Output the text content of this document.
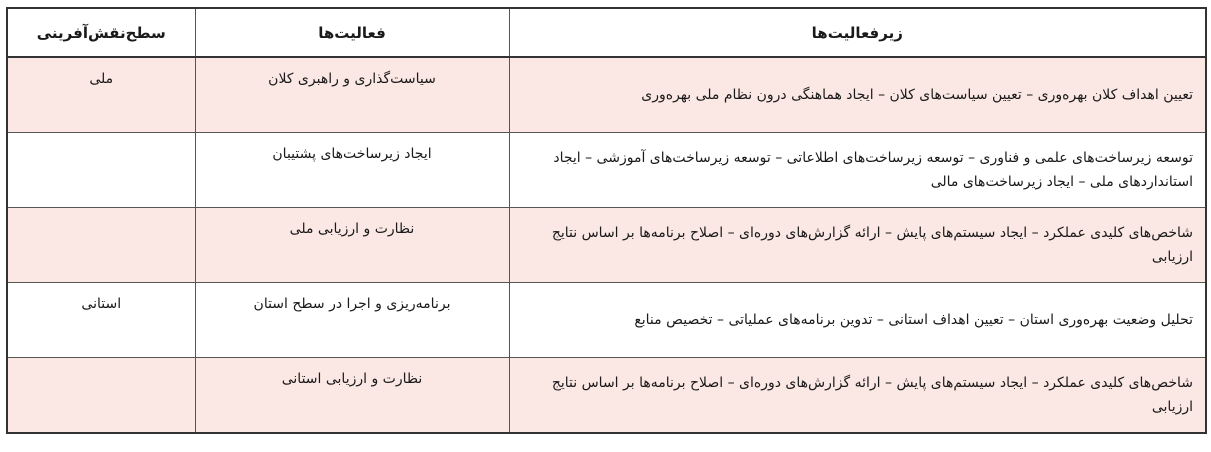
زیرفعالیت‌ها	فعالیت‌ها	سطح‌نقش‌آفرینی
تعیین اهداف کلان بهره‌وری – تعیین سیاست‌های کلان – ایجاد هماهنگی درون نظام ملی بهره‌وری	سیاست‌گذاری و راهبری کلان	ملی
توسعه زیرساخت‌های علمی و فناوری – توسعه زیرساخت‌های اطلاعاتی – توسعه زیرساخت‌های آموزشی – ایجاد استانداردهای ملی – ایجاد زیرساخت‌های مالی	ایجاد زیرساخت‌های پشتیبان	
شاخص‌های کلیدی عملکرد – ایجاد سیستم‌های پایش – ارائه گزارش‌های دوره‌ای – اصلاح برنامه‌ها بر اساس نتایج ارزیابی	نظارت و ارزیابی ملی	
تحلیل وضعیت بهره‌وری استان – تعیین اهداف استانی – تدوین برنامه‌های عملیاتی – تخصیص منابع	برنامه‌ریزی و اجرا در سطح استان	استانی
شاخص‌های کلیدی عملکرد – ایجاد سیستم‌های پایش – ارائه گزارش‌های دوره‌ای – اصلاح برنامه‌ها بر اساس نتایج ارزیابی	نظارت و ارزیابی استانی	
